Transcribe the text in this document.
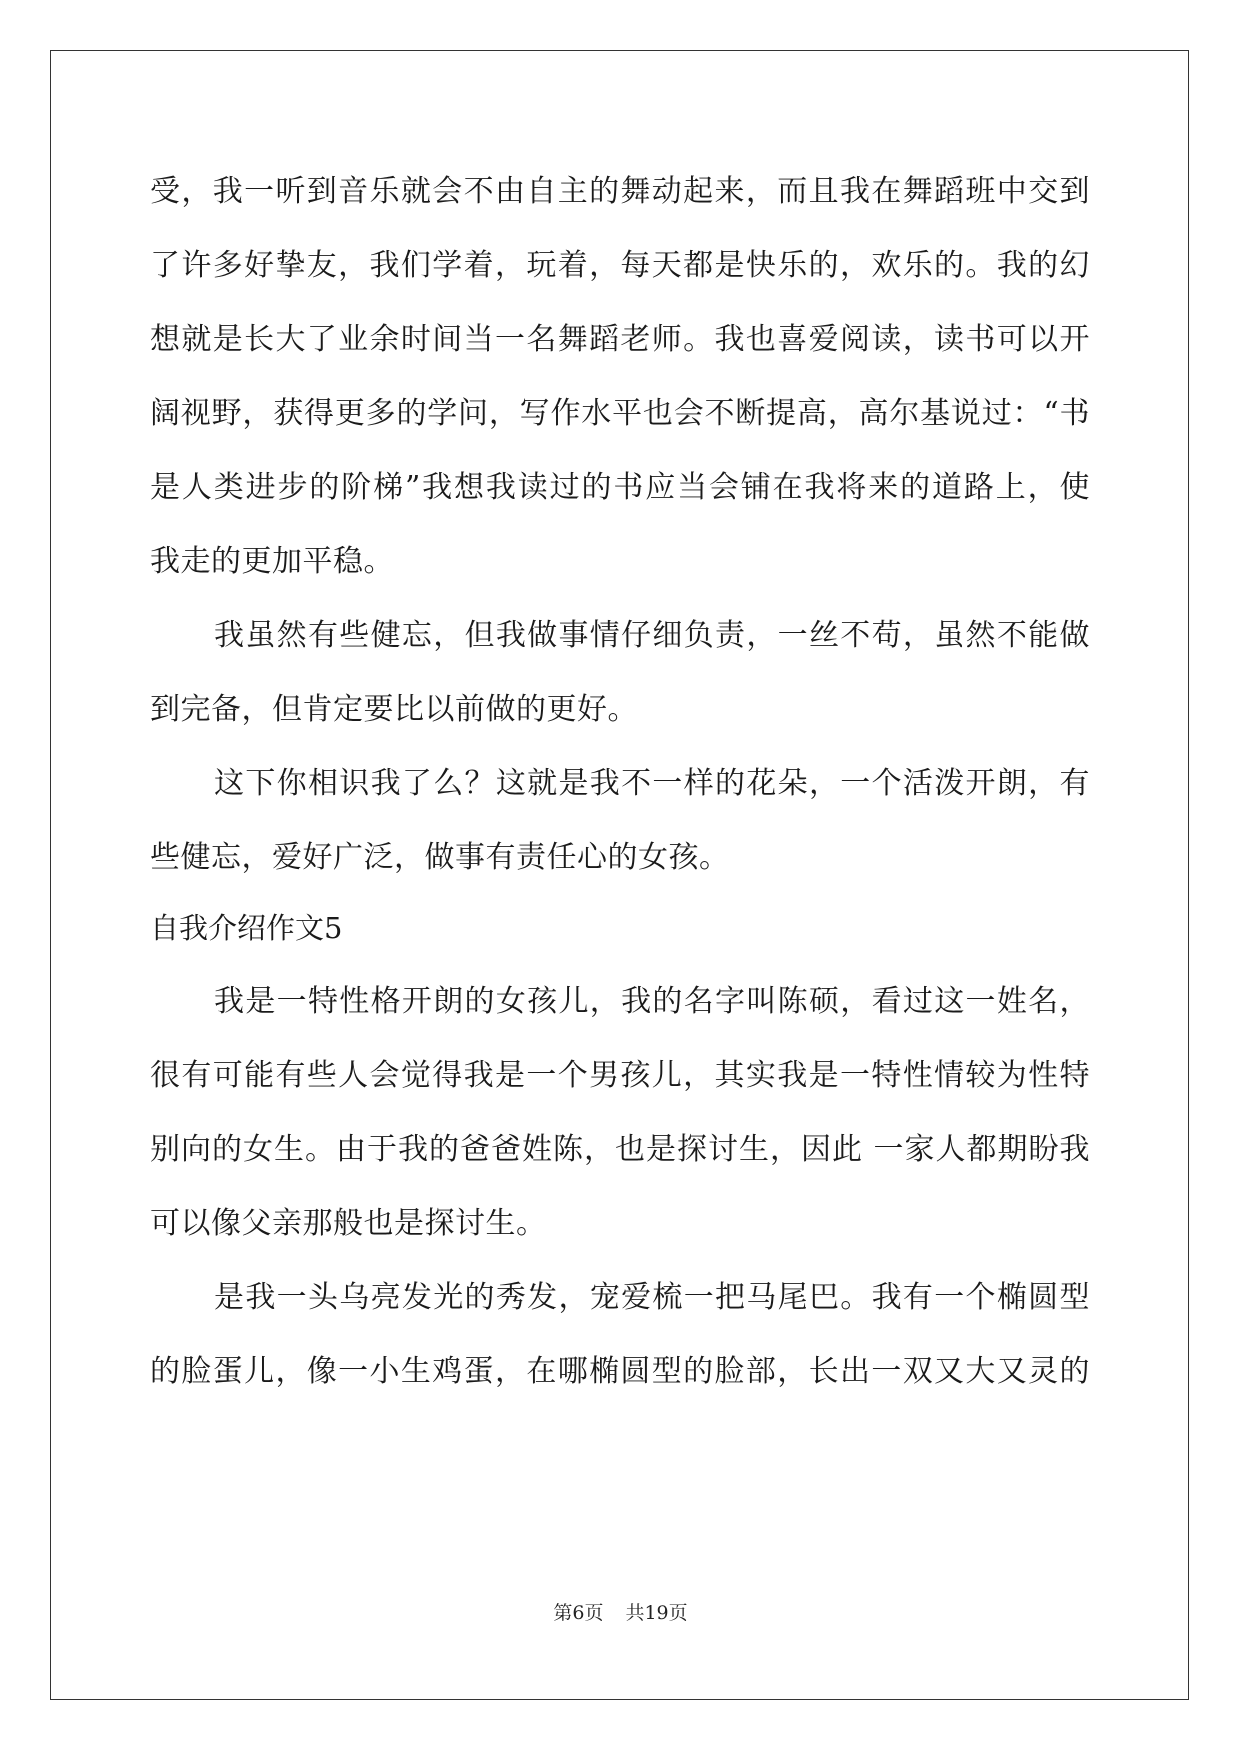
受，我一听到音乐就会不由自主的舞动起来，而且我在舞蹈班中交到
了许多好挚友，我们学着，玩着，每天都是快乐的，欢乐的。我的幻
想就是长大了业余时间当一名舞蹈老师。我也喜爱阅读，读书可以开
阔视野，获得更多的学问，写作水平也会不断提高，高尔基说过：“书
是人类进步的阶梯”我想我读过的书应当会铺在我将来的道路上，使
我走的更加平稳。
我虽然有些健忘，但我做事情仔细负责，一丝不苟，虽然不能做
到完备，但肯定要比以前做的更好。
这下你相识我了么？这就是我不一样的花朵，一个活泼开朗，有
些健忘，爱好广泛，做事有责任心的女孩。
自我介绍作文5
我是一特性格开朗的女孩儿，我的名字叫陈硕，看过这一姓名，
很有可能有些人会觉得我是一个男孩儿，其实我是一特性情较为性特
别向的女生。由于我的爸爸姓陈，也是探讨生，因此 一家人都期盼我
可以像父亲那般也是探讨生。
是我一头乌亮发光的秀发，宠爱梳一把马尾巴。我有一个椭圆型
的脸蛋儿，像一小生鸡蛋，在哪椭圆型的脸部，长出一双又大又灵的
第6页 共19页
